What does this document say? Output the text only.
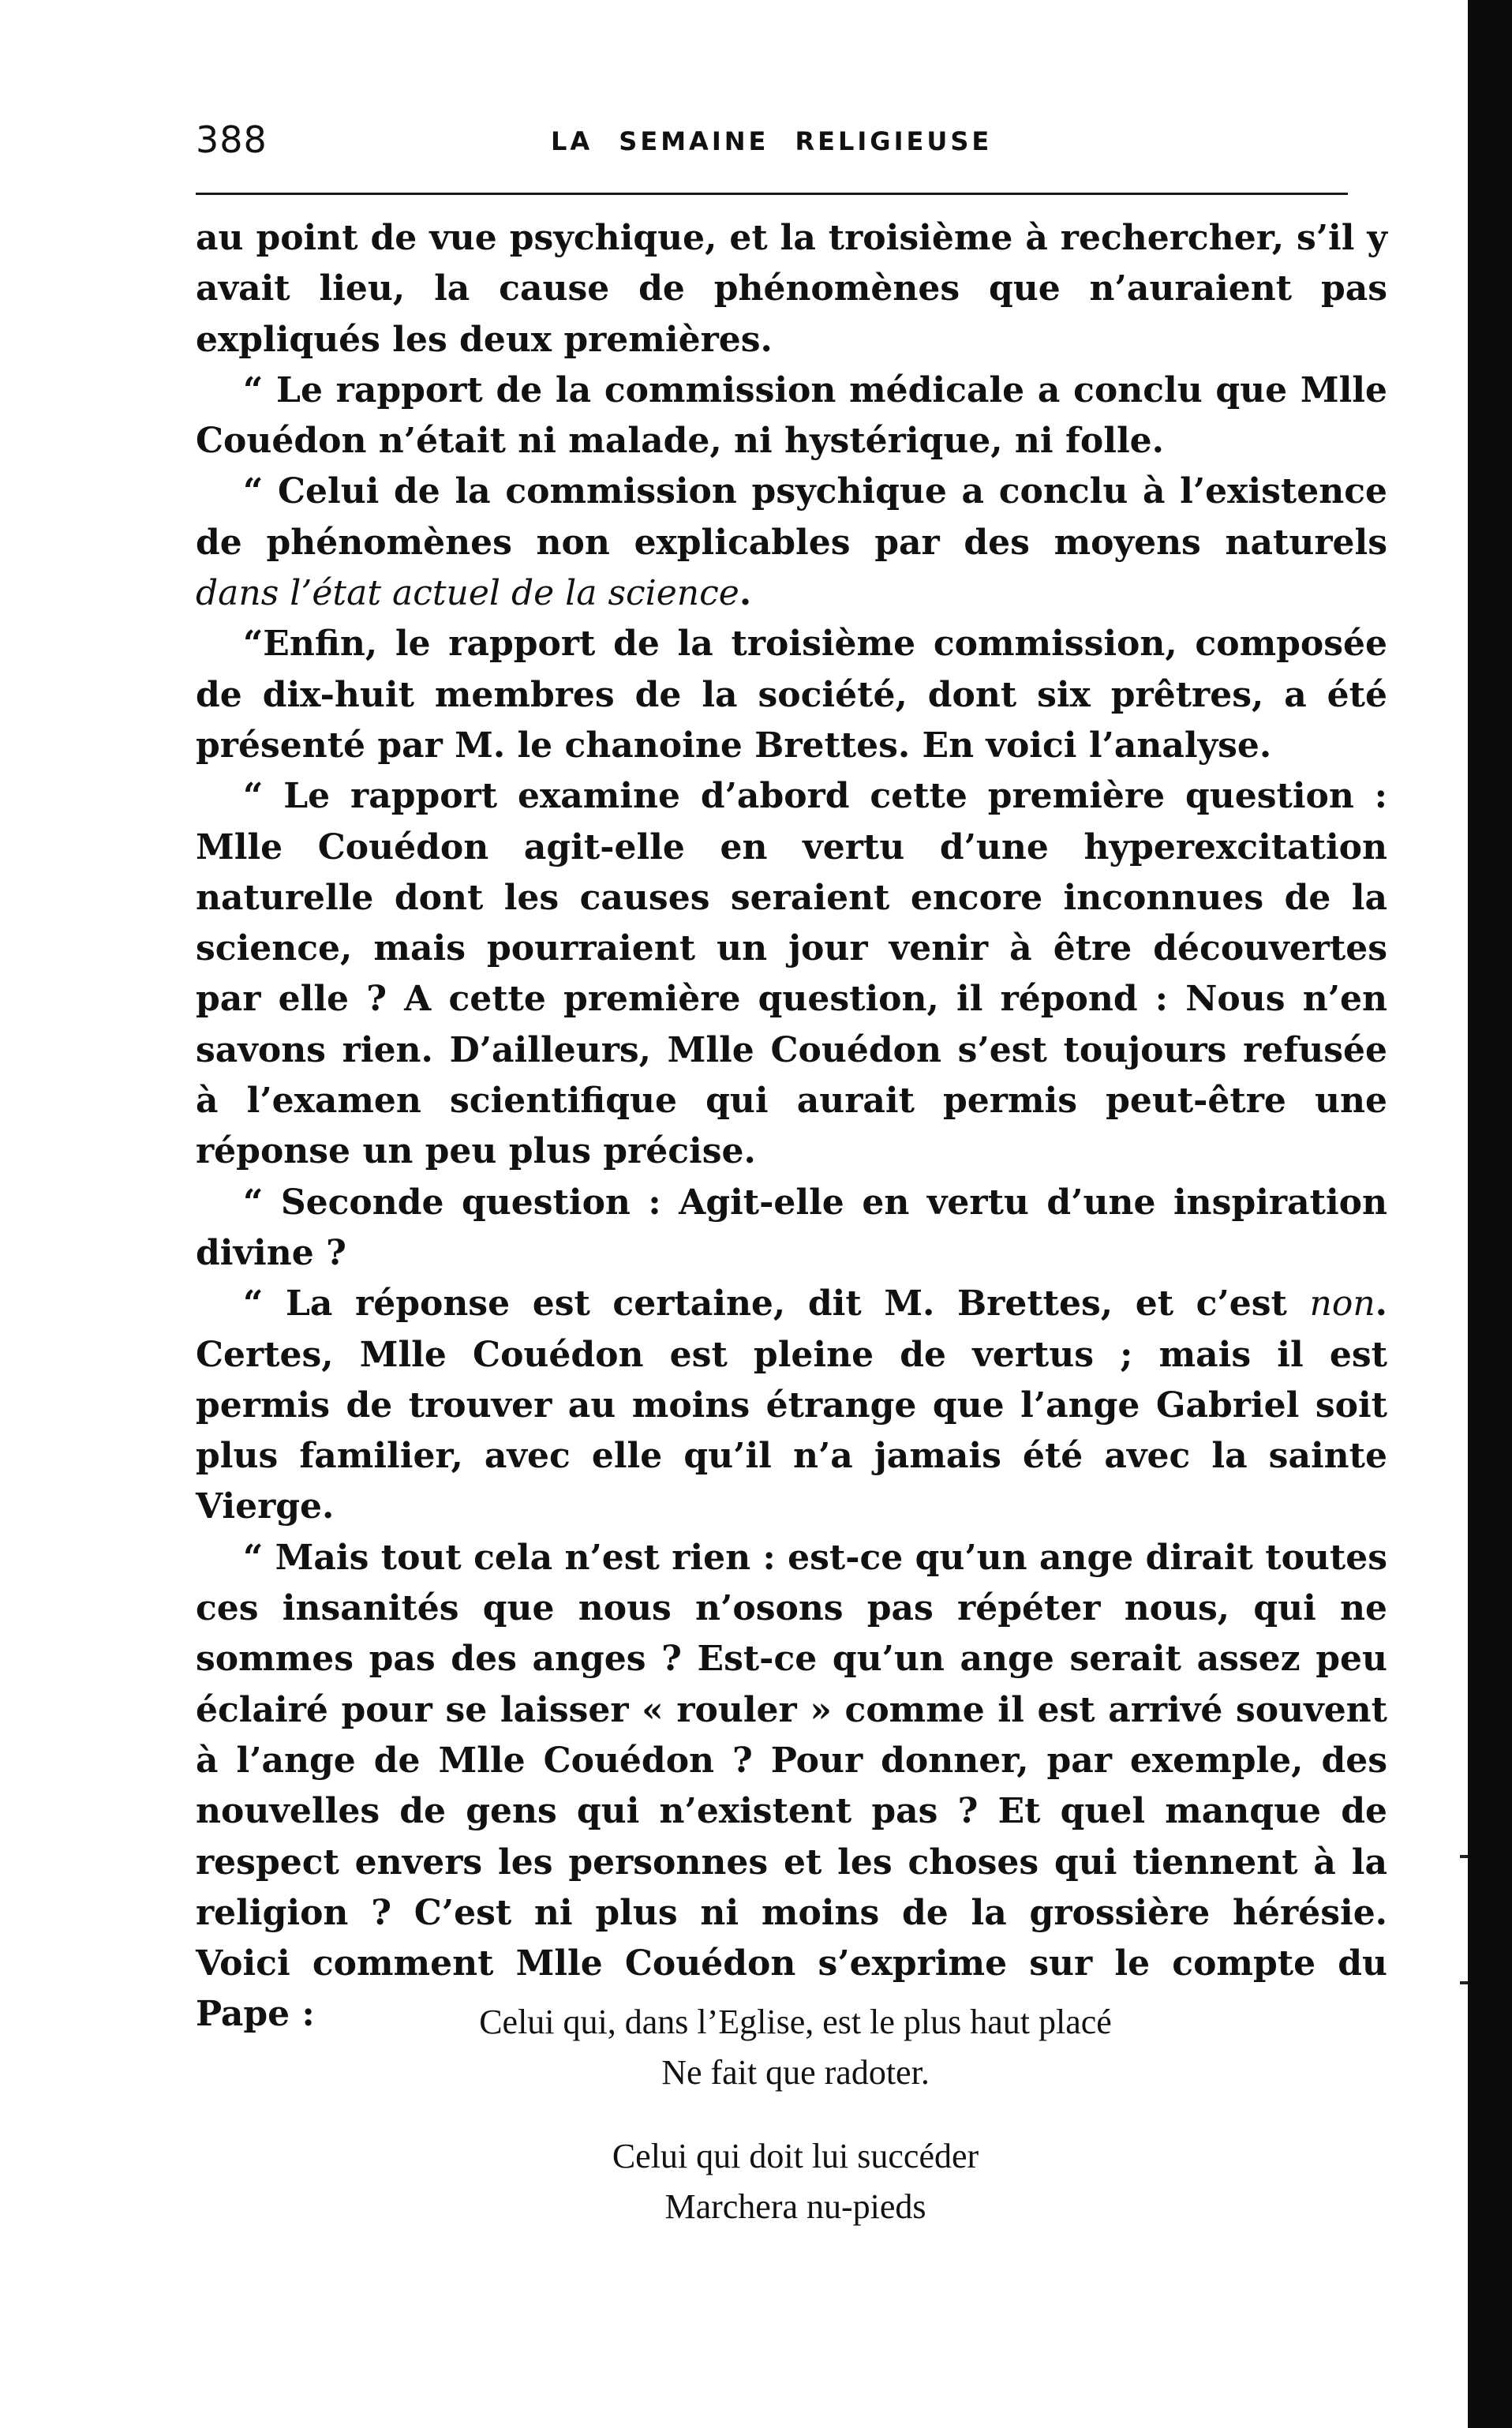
388	LA SEMAINE RELIGIEUSE

au point de vue psychique, et la troisième à rechercher, s’il y avait lieu, la cause de phénomènes que n’auraient pas expliqués les deux premières.

“ Le rapport de la commission médicale a conclu que Mlle Couédon n’était ni malade, ni hystérique, ni folle.

“ Celui de la commission psychique a conclu à l’existence de phénomènes non explicables par des moyens naturels dans l’état actuel de la science.

“Enfin, le rapport de la troisième commission, composée de dix-huit membres de la société, dont six prêtres, a été présenté par M. le chanoine Brettes. En voici l’analyse.

“ Le rapport examine d’abord cette première question : Mlle Couédon agit-elle en vertu d’une hyperexcitation naturelle dont les causes seraient encore inconnues de la science, mais pourraient un jour venir à être découvertes par elle ? A cette première question, il répond : Nous n’en savons rien. D’ailleurs, Mlle Couédon s’est toujours refusée à l’examen scientifique qui aurait permis peut-être une réponse un peu plus précise.

“ Seconde question : Agit-elle en vertu d’une inspiration divine ?

“ La réponse est certaine, dit M. Brettes, et c’est non. Certes, Mlle Couédon est pleine de vertus ; mais il est permis de trouver au moins étrange que l’ange Gabriel soit plus familier, avec elle qu’il n’a jamais été avec la sainte Vierge.

“ Mais tout cela n’est rien : est-ce qu’un ange dirait toutes ces insanités que nous n’osons pas répéter nous, qui ne sommes pas des anges ? Est-ce qu’un ange serait assez peu éclairé pour se laisser « rouler » comme il est arrivé souvent à l’ange de Mlle Couédon ? Pour donner, par exemple, des nouvelles de gens qui n’existent pas ? Et quel manque de respect envers les personnes et les choses qui tiennent à la religion ? C’est ni plus ni moins de la grossière hérésie. Voici comment Mlle Couédon s’exprime sur le compte du Pape :	Celui qui, dans l’Eglise, est le plus haut placé
Ne fait que radoter.
Celui qui doit lui succéder
Marchera nu-pieds
